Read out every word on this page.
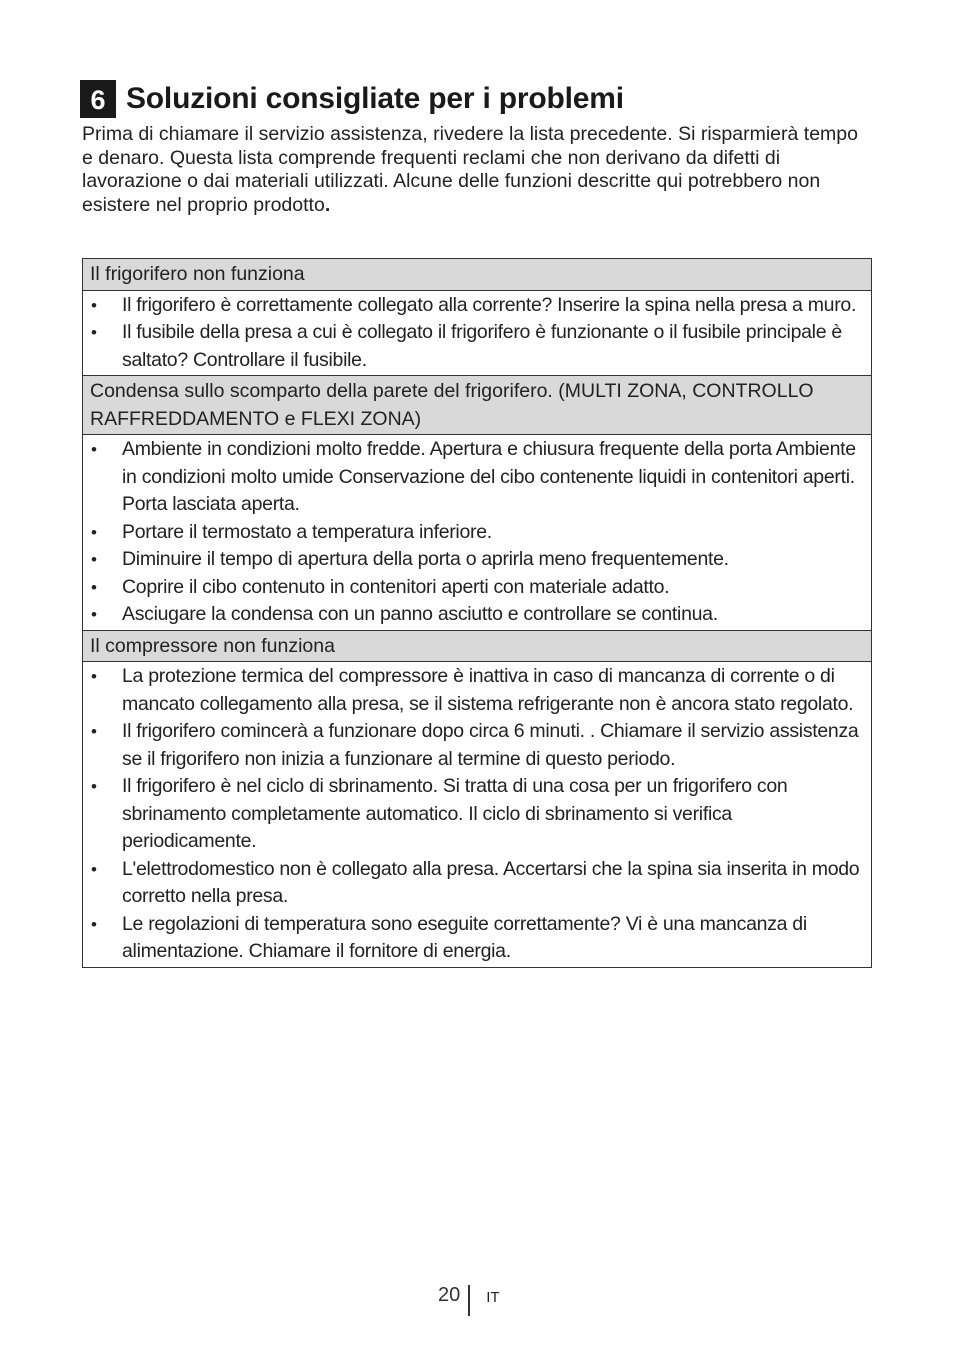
6 Soluzioni consigliate per i problemi

Prima di chiamare il servizio assistenza, rivedere la lista precedente. Si risparmierà tempo e denaro. Questa lista comprende frequenti reclami che non derivano da difetti di lavorazione o dai materiali utilizzati. Alcune delle funzioni descritte qui potrebbero non esistere nel proprio prodotto.

Il frigorifero non funziona

• Il frigorifero è correttamente collegato alla corrente? Inserire la spina nella presa a muro.
• Il fusibile della presa a cui è collegato il frigorifero è funzionante o il fusibile principale è saltato? Controllare il fusibile.

Condensa sullo scomparto della parete del frigorifero. (MULTI ZONA, CONTROLLO RAFFREDDAMENTO e FLEXI ZONA)

• Ambiente in condizioni molto fredde. Apertura e chiusura frequente della porta Ambiente in condizioni molto umide Conservazione del cibo contenente liquidi in contenitori aperti. Porta lasciata aperta.
• Portare il termostato a temperatura inferiore.
• Diminuire il tempo di apertura della porta o aprirla meno frequentemente.
• Coprire il cibo contenuto in contenitori aperti con materiale adatto.
• Asciugare la condensa con un panno asciutto e controllare se continua.

Il compressore non funziona

• La protezione termica del compressore è inattiva in caso di mancanza di corrente o di mancato collegamento alla presa, se il sistema refrigerante non è ancora stato regolato.
• Il frigorifero comincerà a funzionare dopo circa 6 minuti. . Chiamare il servizio assistenza se il frigorifero non inizia a funzionare al termine di questo periodo.
• Il frigorifero è nel ciclo di sbrinamento. Si tratta di una cosa per un frigorifero con sbrinamento completamente automatico. Il ciclo di sbrinamento si verifica periodicamente.
• L'elettrodomestico non è collegato alla presa. Accertarsi che la spina sia inserita in modo corretto nella presa.
• Le regolazioni di temperatura sono eseguite correttamente? Vi è una mancanza di alimentazione. Chiamare il fornitore di energia.
20 IT
